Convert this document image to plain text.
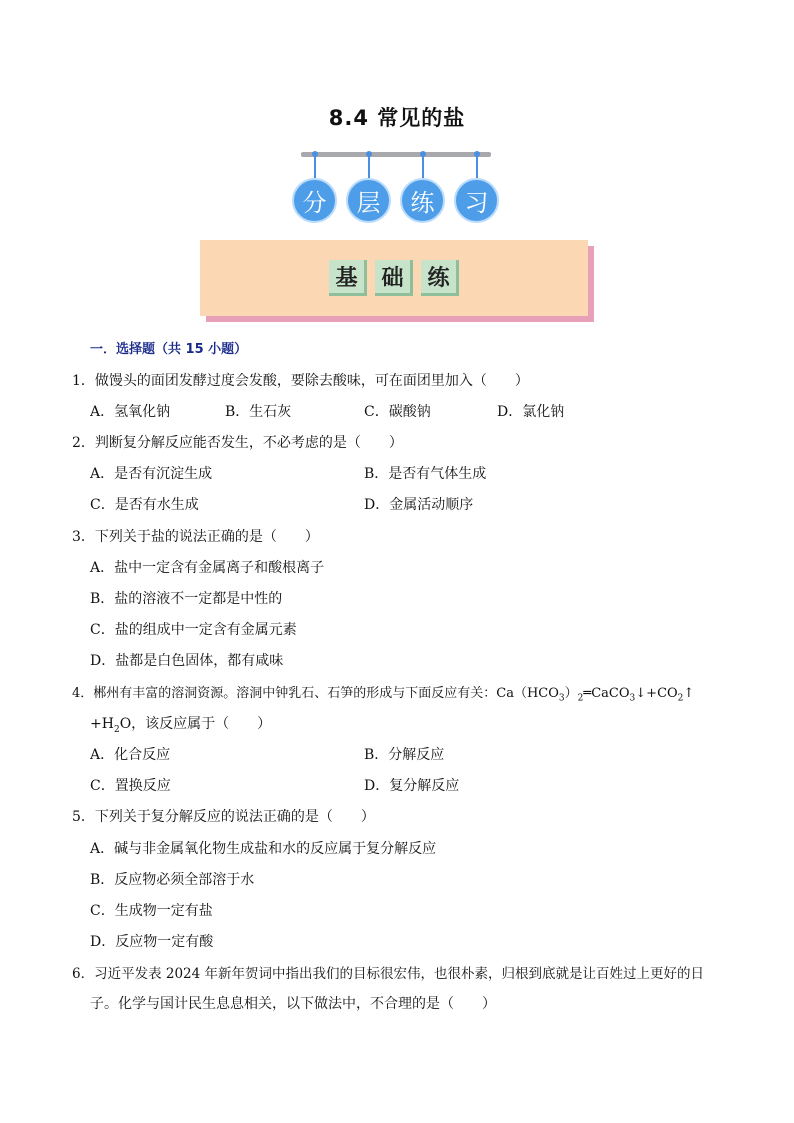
8.4 常见的盐
分	层	练	习
基	础	练
一．选择题（共 15 小题）
1．做馒头的面团发酵过度会发酸，要除去酸味，可在面团里加入（　　）
A．氢氧化钠	B．生石灰	C．碳酸钠	D．氯化钠
2．判断复分解反应能否发生，不必考虑的是（　　）
A．是否有沉淀生成	B．是否有气体生成
C．是否有水生成	D．金属活动顺序
3．下列关于盐的说法正确的是（　　）
A．盐中一定含有金属离子和酸根离子
B．盐的溶液不一定都是中性的
C．盐的组成中一定含有金属元素
D．盐都是白色固体，都有咸味
4．郴州有丰富的溶洞资源。溶洞中钟乳石、石笋的形成与下面反应有关：$Ca(HCO_3)_2═CaCO_3↓+CO_2↑$
$+H_2O$，该反应属于（　　）
A．化合反应	B．分解反应
C．置换反应	D．复分解反应
5．下列关于复分解反应的说法正确的是（　　）
A．碱与非金属氧化物生成盐和水的反应属于复分解反应
B．反应物必须全部溶于水
C．生成物一定有盐
D．反应物一定有酸
6．习近平发表 2024 年新年贺词中指出我们的目标很宏伟，也很朴素，归根到底就是让百姓过上更好的日
子。化学与国计民生息息相关，以下做法中，不合理的是（　　）
